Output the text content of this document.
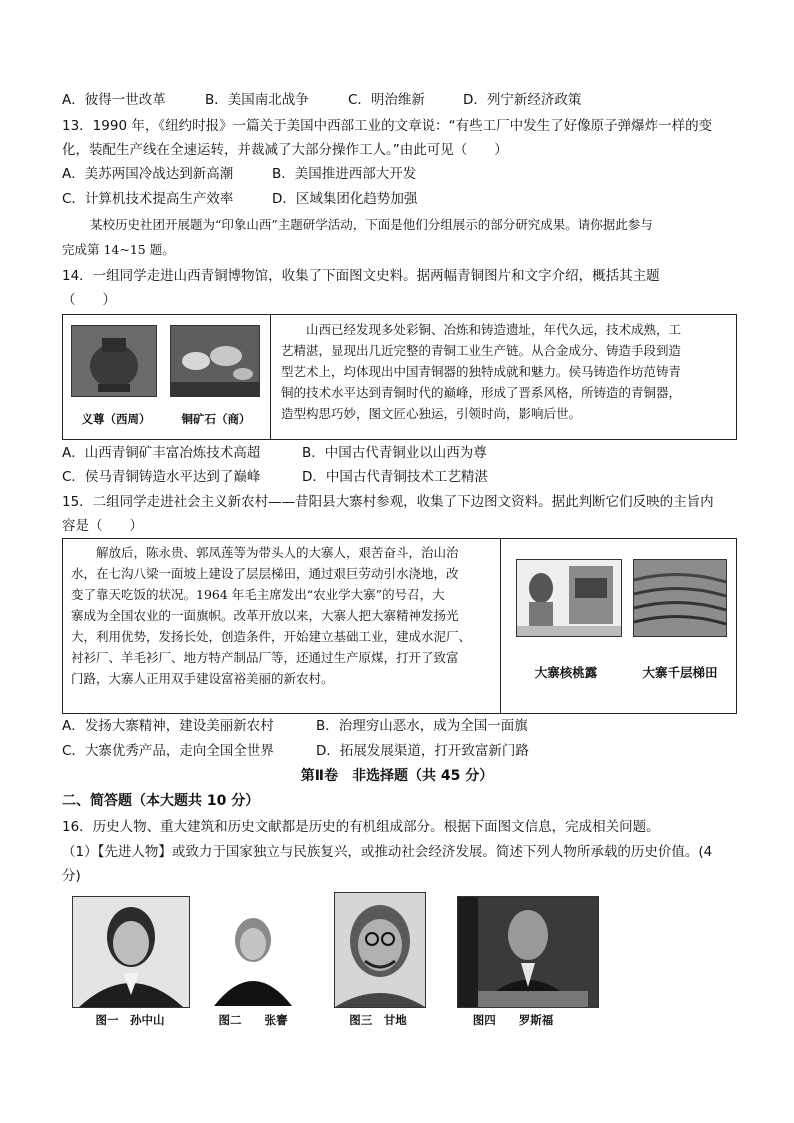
A．彼得一世改革	B．美国南北战争	C．明治维新	D．列宁新经济政策
13．1990 年，《纽约时报》一篇关于美国中西部工业的文章说：“有些工厂中发生了好像原子弹爆炸一样的变
化，装配生产线在全速运转，并裁减了大部分操作工人。”由此可见（　　）
A．美苏两国冷战达到新高潮	B．美国推进西部大开发
C．计算机技术提高生产效率	D．区域集团化趋势加强
某校历史社团开展题为“印象山西”主题研学活动，下面是他们分组展示的部分研究成果。请你据此参与
完成第 14~15 题。
14．一组同学走进山西青铜博物馆，收集了下面图文史料。据两幅青铜图片和文字介绍，概括其主题
（　　）
义尊（西周）	铜矿石（商）
山西已经发现多处彩铜、冶炼和铸造遗址，年代久远，技术成熟，工
艺精湛，显现出几近完整的青铜工业生产链。从合金成分、铸造手段到造
型艺术上，均体现出中国青铜器的独特成就和魅力。侯马铸造作坊范铸青
铜的技术水平达到青铜时代的巅峰，形成了晋系风格，所铸造的青铜器，
造型构思巧妙，图文匠心独运，引领时尚，影响后世。
A．山西青铜矿丰富冶炼技术高超	B．中国古代青铜业以山西为尊
C．侯马青铜铸造水平达到了巅峰	D．中国古代青铜技术工艺精湛
15．二组同学走进社会主义新农村——昔阳县大寨村参观，收集了下边图文资料。据此判断它们反映的主旨内
容是（　　）
解放后，陈永贵、郭凤莲等为带头人的大寨人，艰苦奋斗，治山治
水，在七沟八梁一面坡上建设了层层梯田，通过艰巨劳动引水浇地，改
变了靠天吃饭的状况。1964 年毛主席发出“农业学大寨”的号召，大
寨成为全国农业的一面旗帜。改革开放以来，大寨人把大寨精神发扬光
大，利用优势，发扬长处，创造条件，开始建立基础工业，建成水泥厂、
衬衫厂、羊毛衫厂、地方特产制品厂等，还通过生产原煤，打开了致富
门路，大寨人正用双手建设富裕美丽的新农村。	大寨核桃露	大寨千层梯田
A．发扬大寨精神，建设美丽新农村	B．治理穷山恶水，成为全国一面旗
C．大寨优秀产品，走向全国全世界	D．拓展发展渠道，打开致富新门路
第Ⅱ卷　非选择题（共 45 分）
二、简答题（本大题共 10 分）
16．历史人物、重大建筑和历史文献都是历史的有机组成部分。根据下面图文信息，完成相关问题。
（1）【先进人物】或致力于国家独立与民族复兴，或推动社会经济发展。简述下列人物所承载的历史价值。(4
分)
图一　孙中山	图二　　张謇	图三　甘地	图四　　罗斯福
